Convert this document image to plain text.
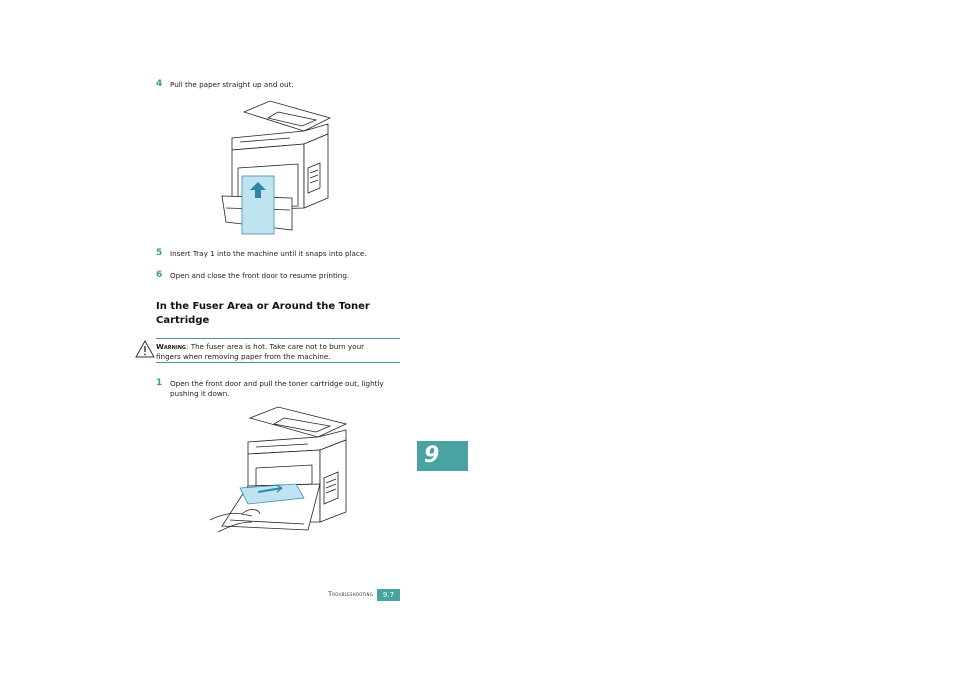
4 Pull the paper straight up and out.
5 Insert Tray 1 into the machine until it snaps into place.
6 Open and close the front door to resume printing.
In the Fuser Area or Around the Toner
Cartridge
Warning: The fuser area is hot. Take care not to burn your
fingers when removing paper from the machine.
1 Open the front door and pull the toner cartridge out, lightly
pushing it down.
9
Troubleshooting	9.7
